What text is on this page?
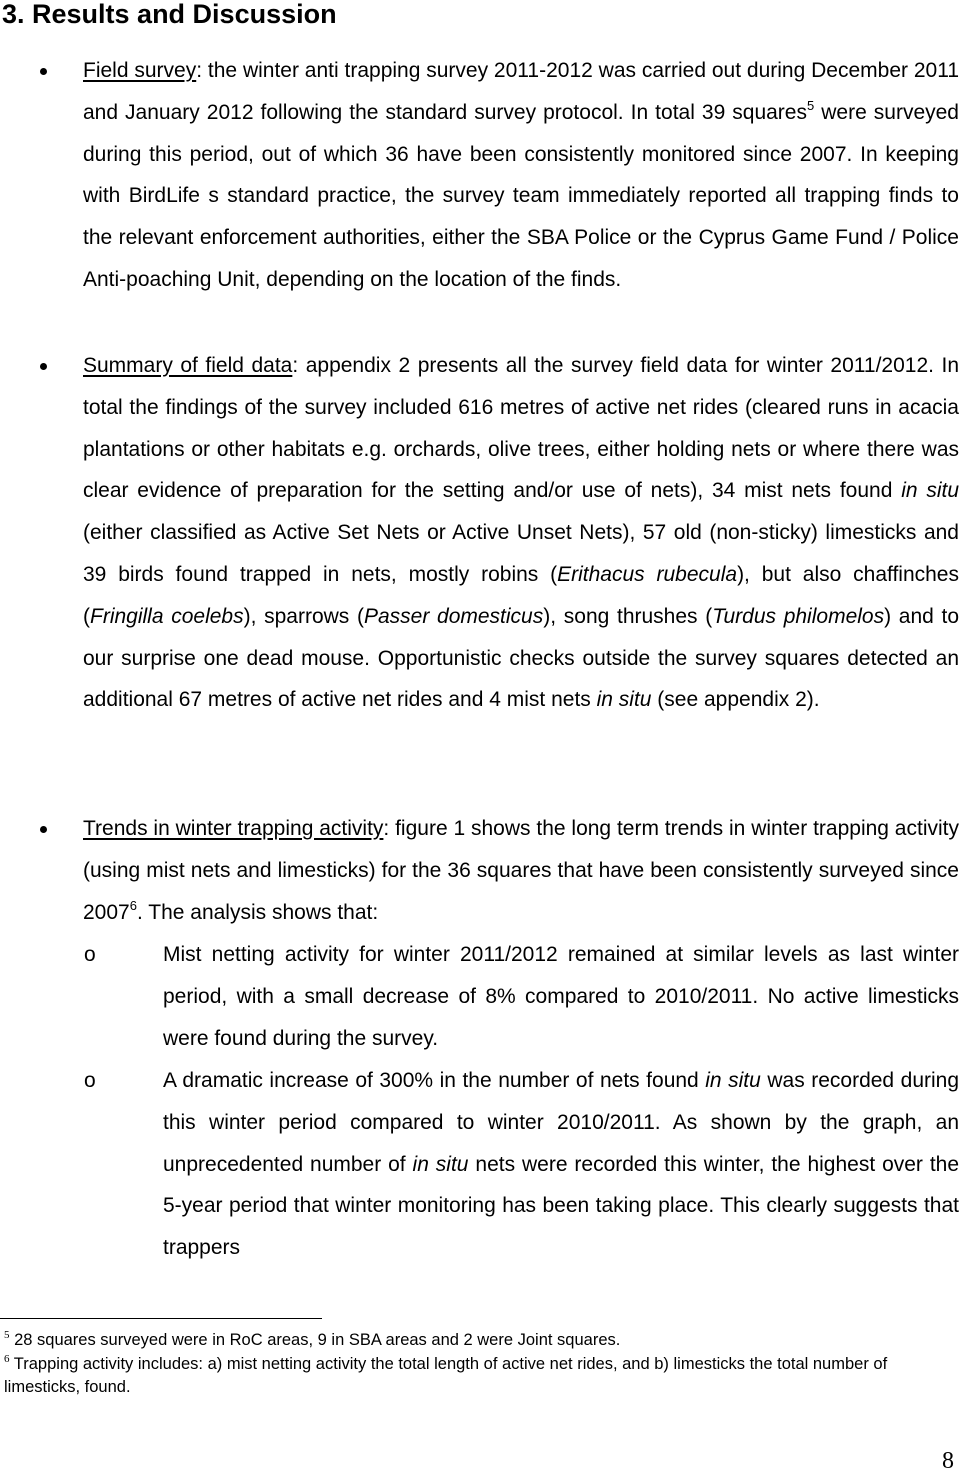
3. Results and Discussion

Field survey: the winter anti trapping survey 2011-2012 was carried out during December 2011 and January 2012 following the standard survey protocol. In total 39 squares$^5$ were surveyed during this period, out of which 36 have been consistently monitored since 2007. In keeping with BirdLife s standard practice, the survey team immediately reported all trapping finds to the relevant enforcement authorities, either the SBA Police or the Cyprus Game Fund / Police Anti-poaching Unit, depending on the location of the finds.

Summary of field data: appendix 2 presents all the survey field data for winter 2011/2012. In total the findings of the survey included 616 metres of active net rides (cleared runs in acacia plantations or other habitats e.g. orchards, olive trees, either holding nets or where there was clear evidence of preparation for the setting and/or use of nets), 34 mist nets found in situ (either classified as Active Set Nets or Active Unset Nets), 57 old (non-sticky) limesticks and 39 birds found trapped in nets, mostly robins (Erithacus rubecula), but also chaffinches (Fringilla coelebs), sparrows (Passer domesticus), song thrushes (Turdus philomelos) and to our surprise one dead mouse. Opportunistic checks outside the survey squares detected an additional 67 metres of active net rides and 4 mist nets in situ (see appendix 2).

Trends in winter trapping activity: figure 1 shows the long term trends in winter trapping activity (using mist nets and limesticks) for the 36 squares that have been consistently surveyed since 2007$^6$. The analysis shows that:

o	Mist netting activity for winter 2011/2012 remained at similar levels as last winter period, with a small decrease of 8% compared to 2010/2011. No active limesticks were found during the survey.

o	A dramatic increase of 300% in the number of nets found in situ was recorded during this winter period compared to winter 2010/2011. As shown by the graph, an unprecedented number of in situ nets were recorded this winter, the highest over the 5-year period that winter monitoring has been taking place. This clearly suggests that trappers

$^5$ 28 squares surveyed were in RoC areas, 9 in SBA areas and 2 were Joint squares.

$^6$ Trapping activity includes: a) mist netting activity the total length of active net rides, and b) limesticks the total number of limesticks, found.

8
